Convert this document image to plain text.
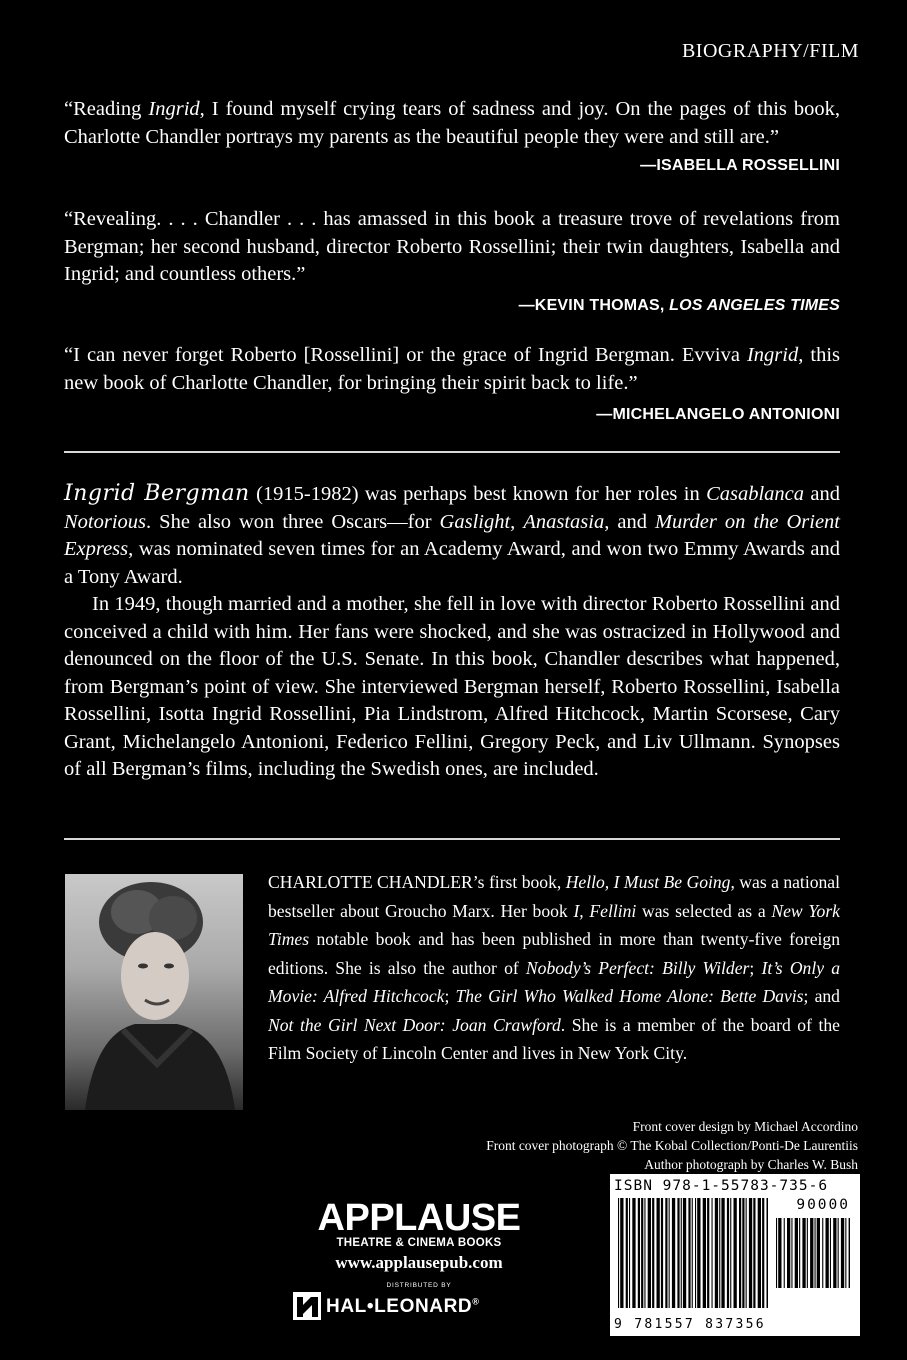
BIOGRAPHY/FILM

“Reading Ingrid, I found myself crying tears of sadness and joy. On the pages of this book, Charlotte Chandler portrays my parents as the beautiful people they were and still are.”

—ISABELLA ROSSELLINI

“Revealing. . . . Chandler . . . has amassed in this book a treasure trove of revelations from Bergman; her second husband, director Roberto Rossellini; their twin daughters, Isabella and Ingrid; and countless others.”

—KEVIN THOMAS, LOS ANGELES TIMES

“I can never forget Roberto [Rossellini] or the grace of Ingrid Bergman. Evviva Ingrid, this new book of Charlotte Chandler, for bringing their spirit back to life.”

—MICHELANGELO ANTONIONI

Ingrid Bergman (1915-1982) was perhaps best known for her roles in Casablanca and Notorious. She also won three Oscars—for Gaslight, Anastasia, and Murder on the Orient Express, was nominated seven times for an Academy Award, and won two Emmy Awards and a Tony Award.

In 1949, though married and a mother, she fell in love with director Roberto Rossellini and conceived a child with him. Her fans were shocked, and she was ostracized in Hollywood and denounced on the floor of the U.S. Senate. In this book, Chandler describes what happened, from Bergman’s point of view. She interviewed Bergman herself, Roberto Rossellini, Isabella Rossellini, Isotta Ingrid Rossellini, Pia Lindstrom, Alfred Hitchcock, Martin Scorsese, Cary Grant, Michelangelo Antonioni, Federico Fellini, Gregory Peck, and Liv Ullmann. Synopses of all Bergman’s films, including the Swedish ones, are included.

CHARLOTTE CHANDLER’s first book, Hello, I Must Be Going, was a national bestseller about Groucho Marx. Her book I, Fellini was selected as a New York Times notable book and has been published in more than twenty-five foreign editions. She is also the author of Nobody’s Perfect: Billy Wilder; It’s Only a Movie: Alfred Hitchcock; The Girl Who Walked Home Alone: Bette Davis; and Not the Girl Next Door: Joan Crawford. She is a member of the board of the Film Society of Lincoln Center and lives in New York City.

Front cover design by Michael Accordino
Front cover photograph © The Kobal Collection/Ponti-De Laurentiis
Author photograph by Charles W. Bush
APPLAUSE
THEATRE & CINEMA BOOKS
www.applausepub.com
DISTRIBUTED BY
HAL•LEONARD®
ISBN 978-1-55783-735-6
90000
9 781557 837356
